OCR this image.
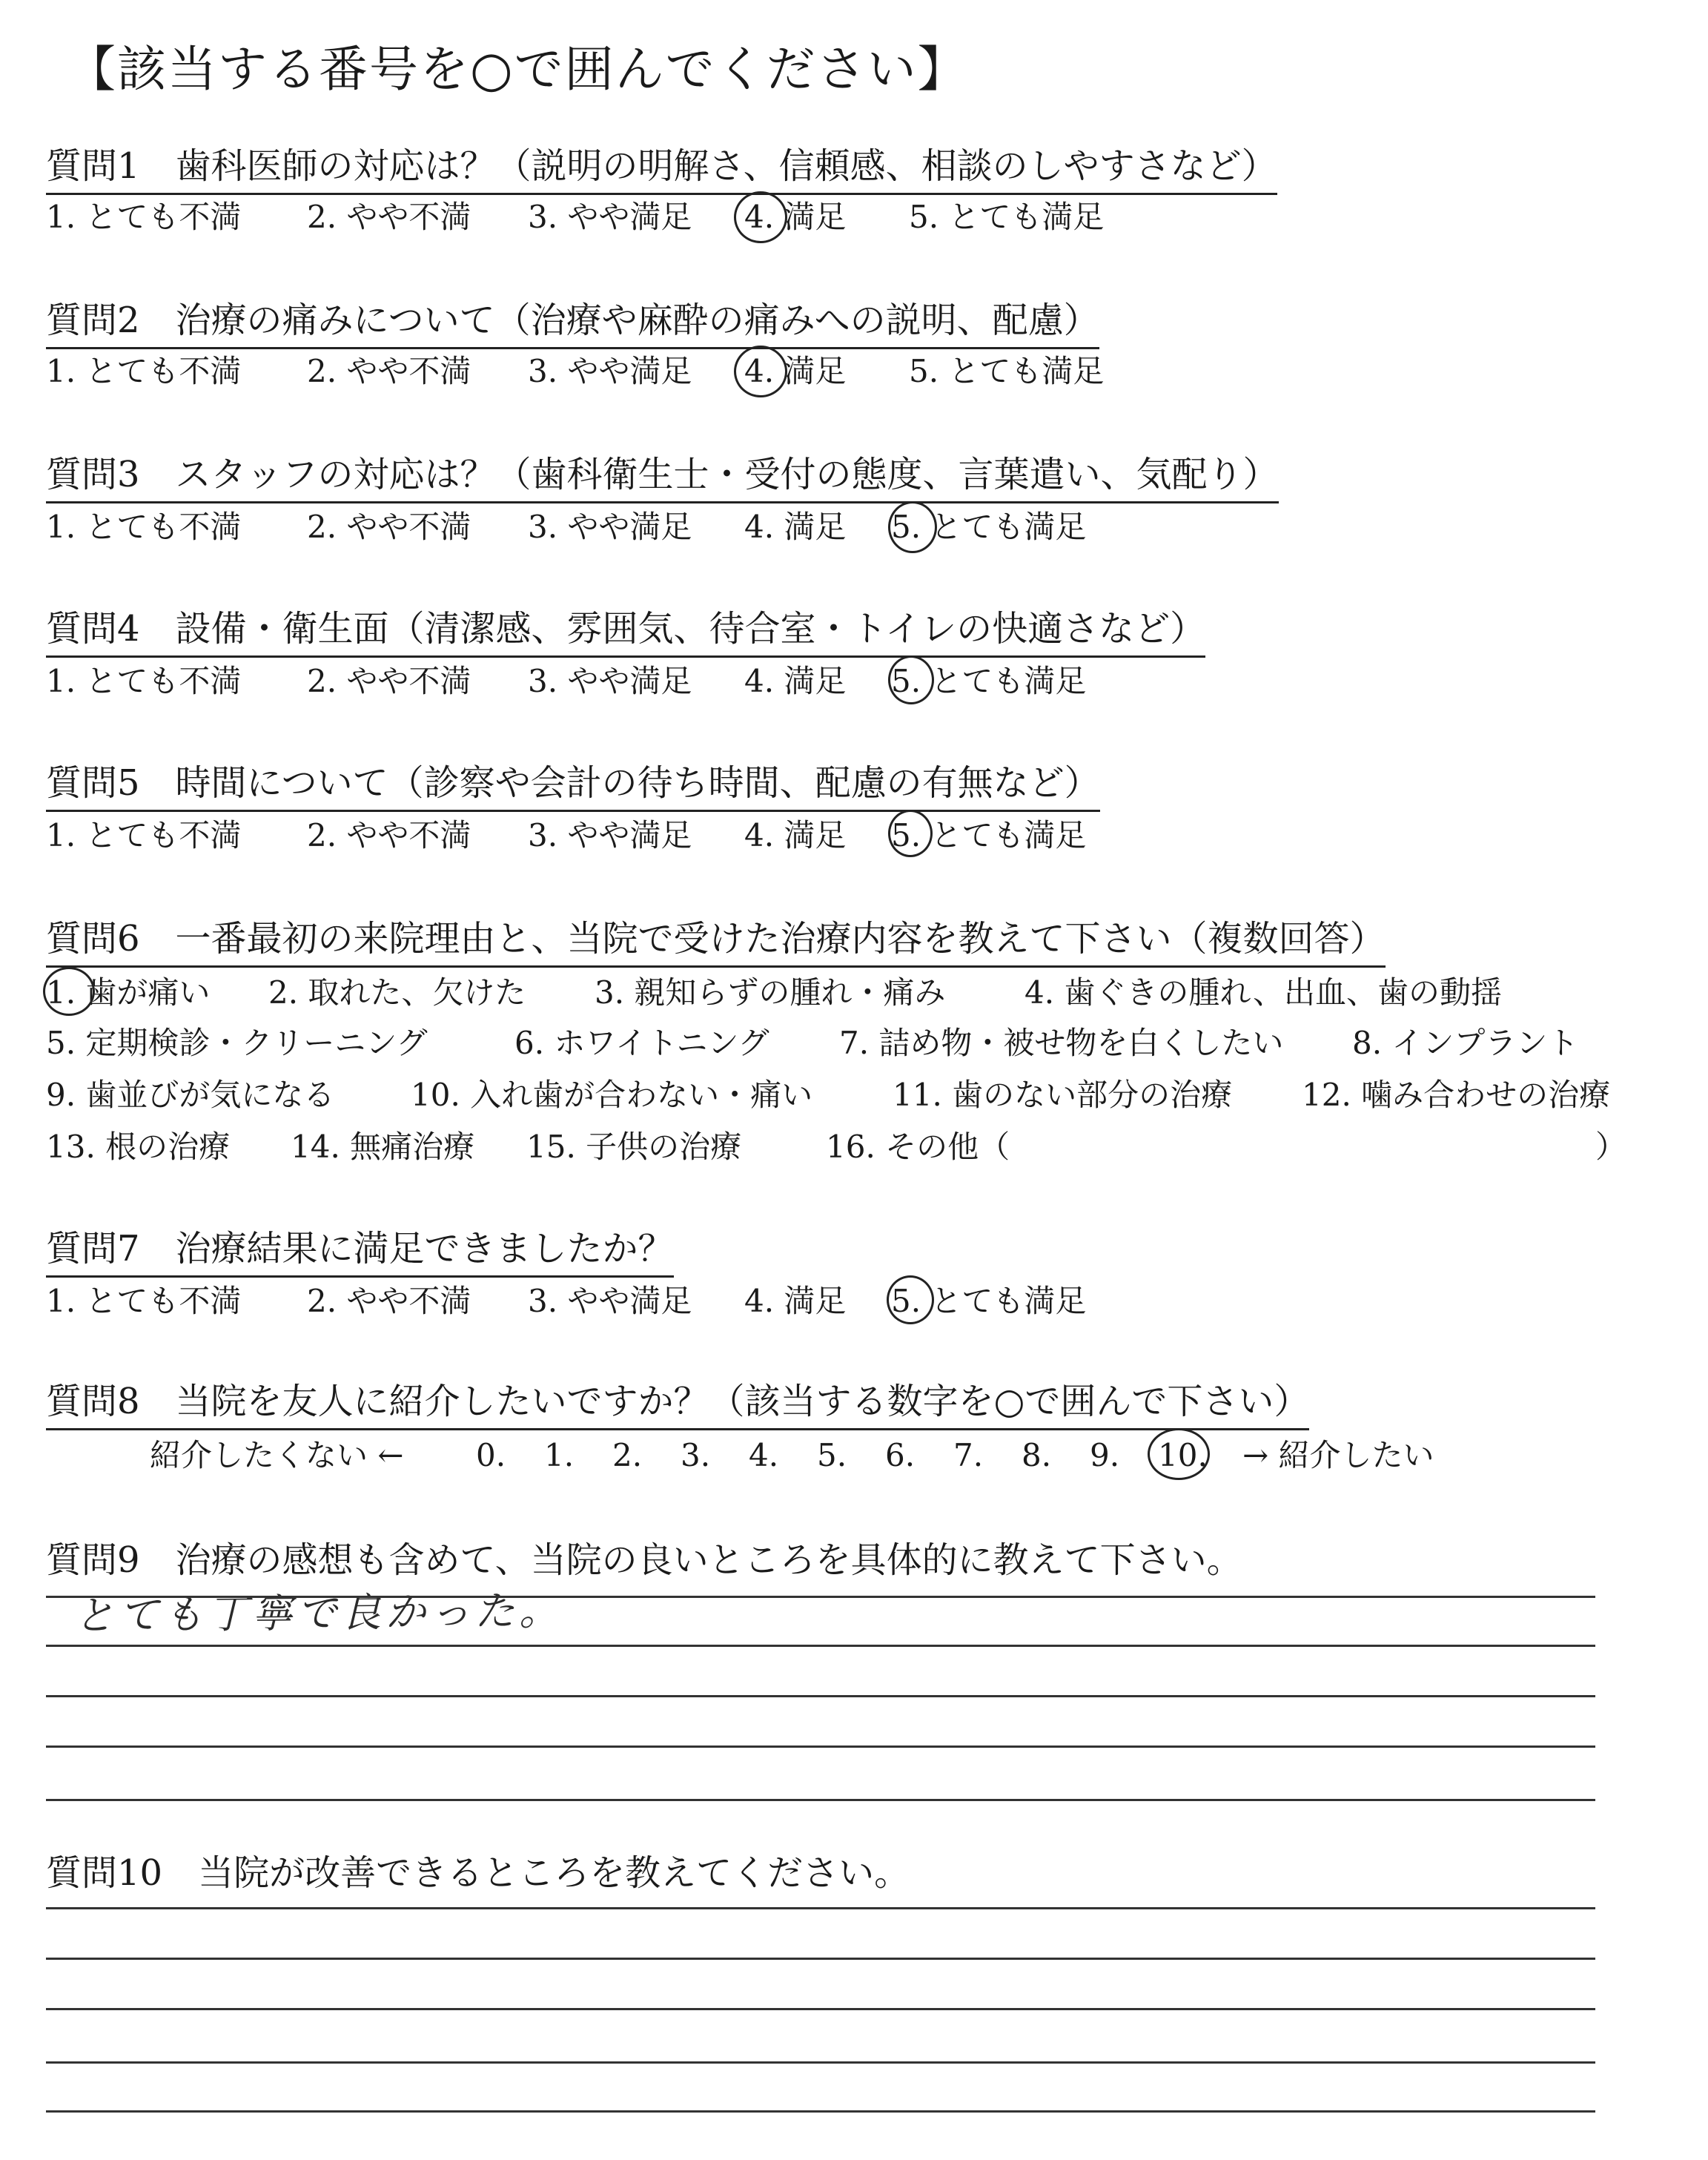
【該当する番号を○で囲んでください】
質問1　歯科医師の対応は？（説明の明解さ、信頼感、相談のしやすさなど）
1. とても不満 2. やや不満 3. やや満足 4. 満足 5. とても満足
質問2　治療の痛みについて（治療や麻酔の痛みへの説明、配慮）
1. とても不満 2. やや不満 3. やや満足 4. 満足 5. とても満足
質問3　スタッフの対応は？（歯科衛生士・受付の態度、言葉遣い、気配り）
1. とても不満 2. やや不満 3. やや満足 4. 満足 5. とても満足
質問4　設備・衛生面（清潔感、雰囲気、待合室・トイレの快適さなど）
1. とても不満 2. やや不満 3. やや満足 4. 満足 5. とても満足
質問5　時間について（診察や会計の待ち時間、配慮の有無など）
1. とても不満 2. やや不満 3. やや満足 4. 満足 5. とても満足
質問6　一番最初の来院理由と、当院で受けた治療内容を教えて下さい（複数回答）
1. 歯が痛い 2. 取れた、欠けた 3. 親知らずの腫れ・痛み	4. 歯ぐきの腫れ、出血、歯の動揺
5. 定期検診・クリーニング	6. ホワイトニング 7. 詰め物・被せ物を白くしたい 8. インプラント
9. 歯並びが気になる 10. 入れ歯が合わない・痛い	11. 歯のない部分の治療 12. 噛み合わせの治療
13. 根の治療 14. 無痛治療 15. 子供の治療	16. その他（	）
質問7　治療結果に満足できましたか？
1. とても不満 2. やや不満 3. やや満足 4. 満足 5. とても満足
質問8　当院を友人に紹介したいですか？（該当する数字を○で囲んで下さい）
紹介したくない ← 0. 1. 2. 3. 4. 5. 6. 7. 8. 9. 10. → 紹介したい
質問9　治療の感想も含めて、当院の良いところを具体的に教えて下さい。
とても丁寧で良かった。
質問10　当院が改善できるところを教えてください。
